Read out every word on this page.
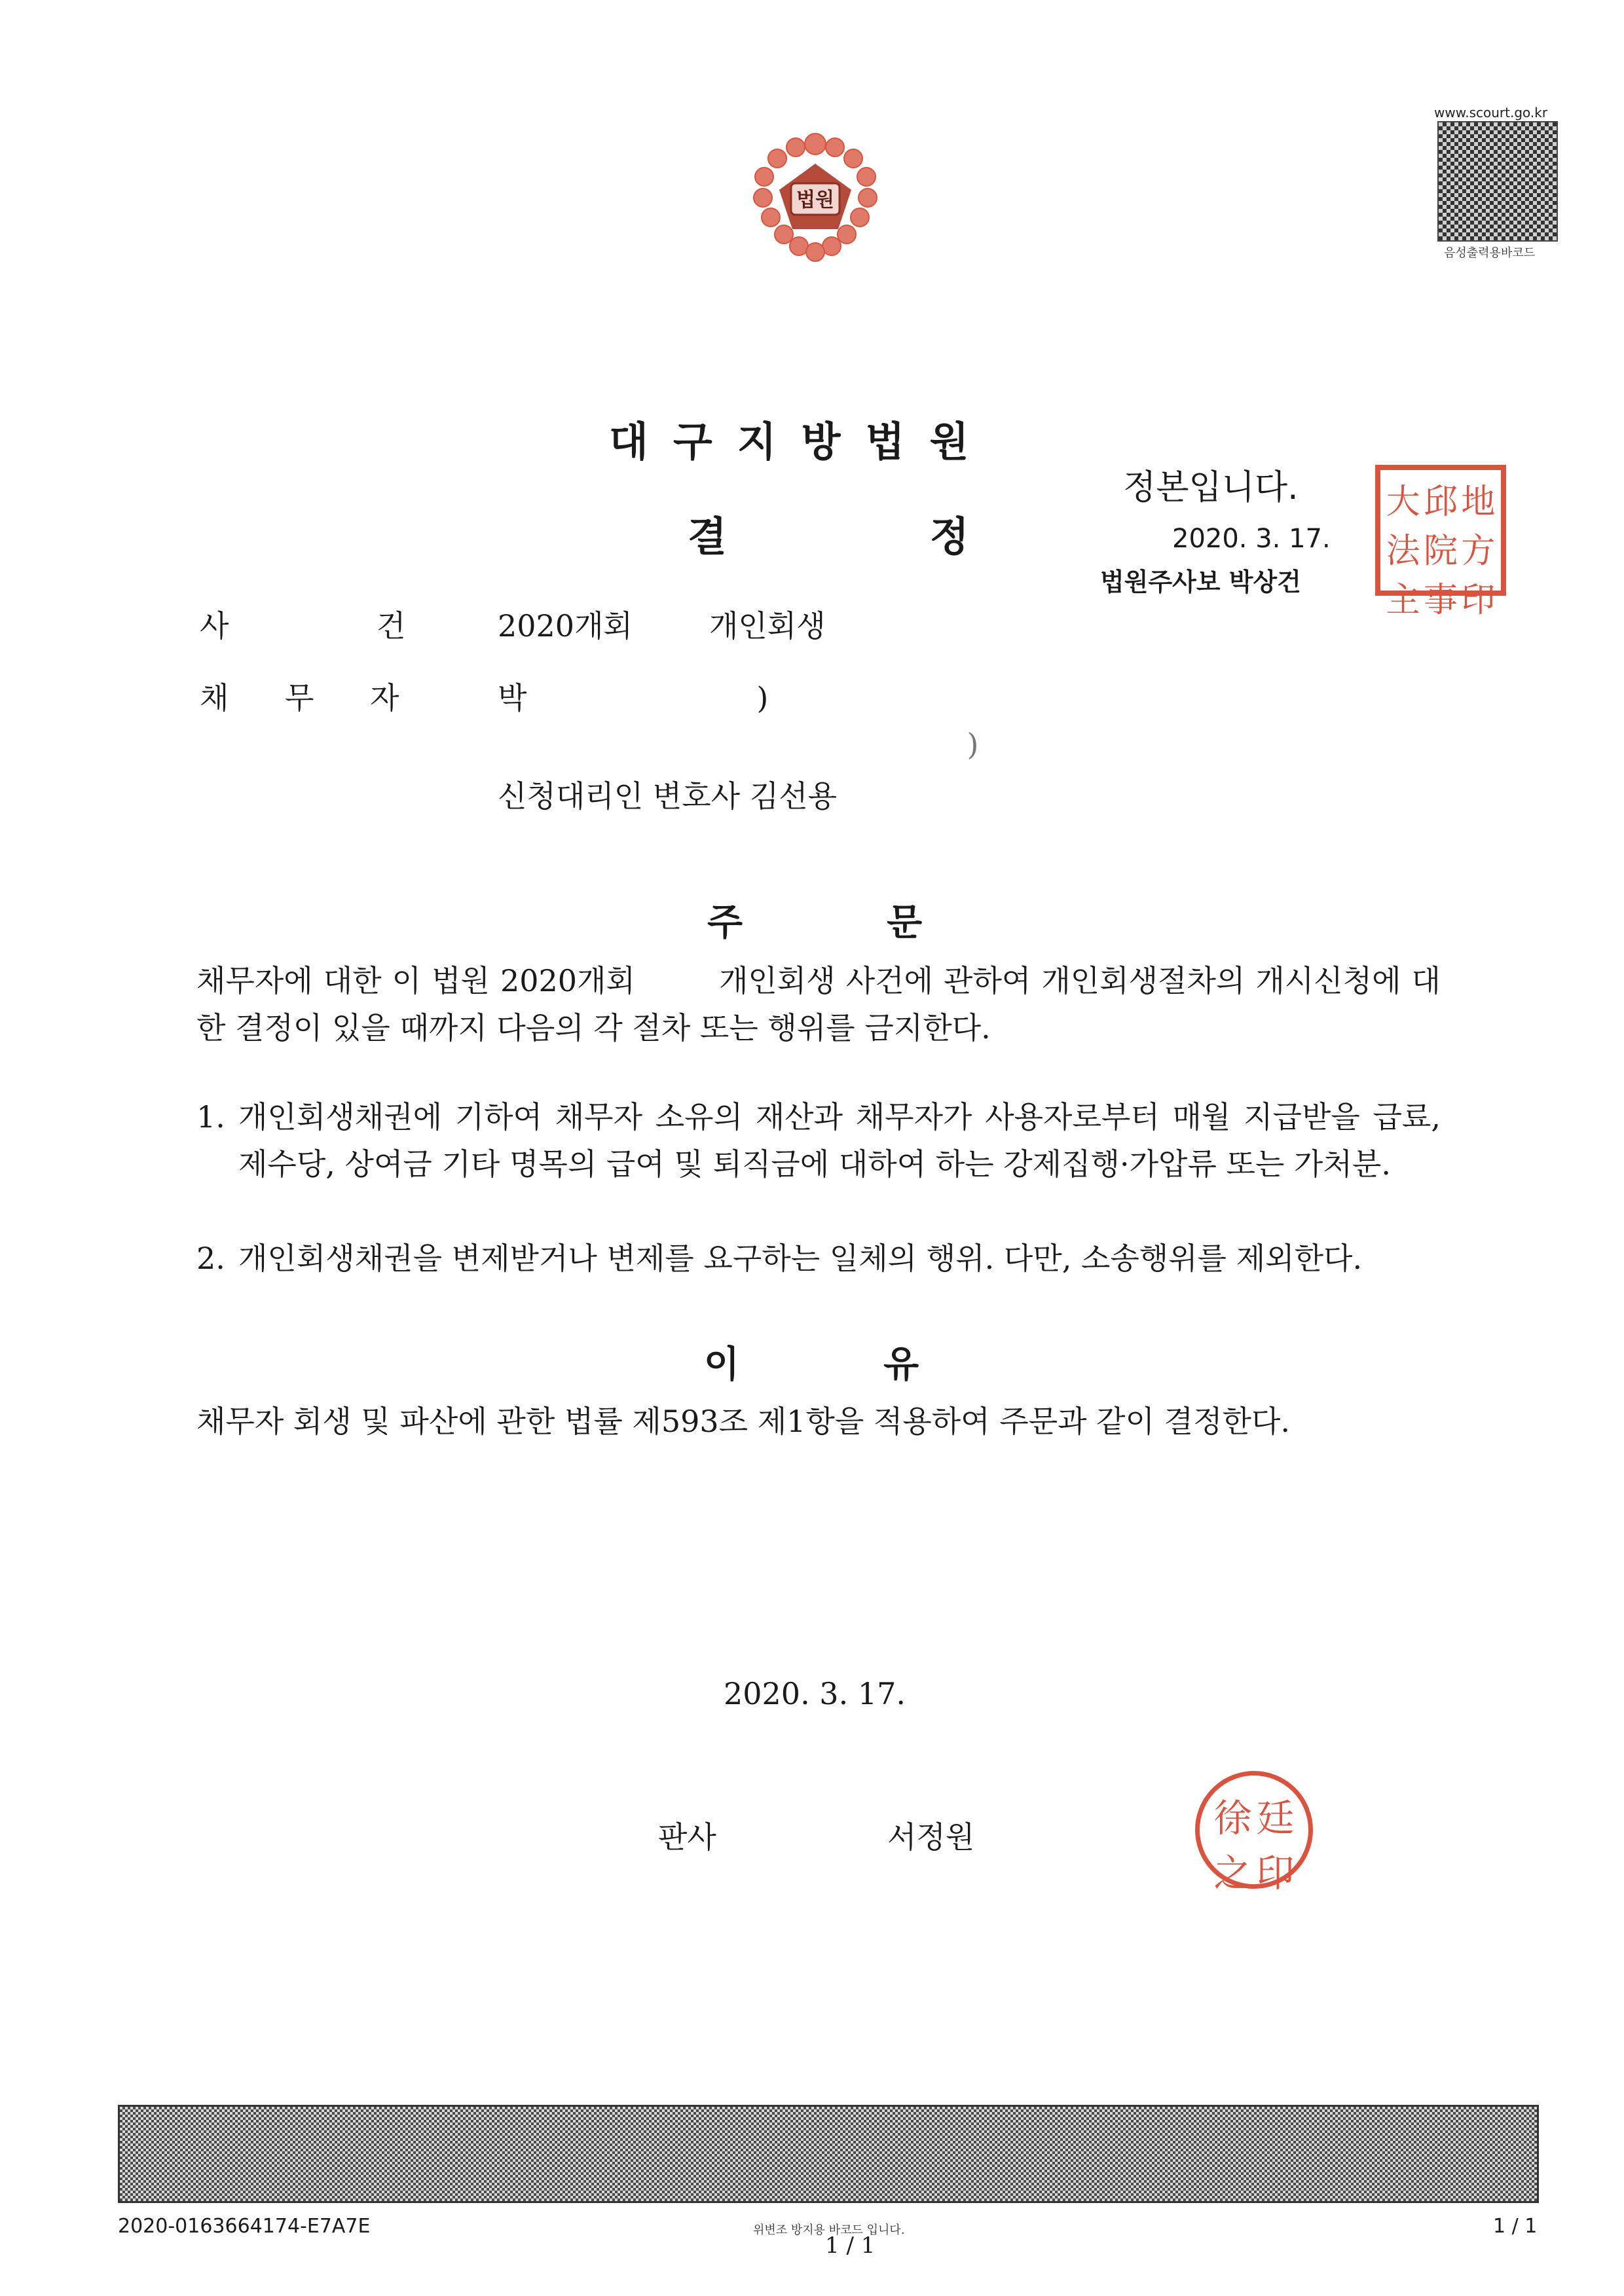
법원
www.scourt.go.kr
음성출력용바코드
대구지방법원
결	정
정본입니다.
2020. 3. 17.
법원주사보 박상건
大 邱 地
法 院 方
主 事 印
사	건	2020개회        개인회생
채 무 자	박                        )
)
신청대리인 변호사 김선용
주	문
채무자에 대한 이 법원 2020개회        개인회생 사건에 관하여 개인회생절차의 개시신청에 대한 결정이 있을 때까지 다음의 각 절차 또는 행위를 금지한다.
1. 개인회생채권에 기하여 채무자 소유의 재산과 채무자가 사용자로부터 매월 지급받을 급료, 제수당, 상여금 기타 명목의 급여 및 퇴직금에 대하여 하는 강제집행·가압류 또는 가처분.
2. 개인회생채권을 변제받거나 변제를 요구하는 일체의 행위. 다만, 소송행위를 제외한다.
이	유
채무자 회생 및 파산에 관한 법률 제593조 제1항을 적용하여 주문과 같이 결정한다.
2020. 3. 17.
판사	서정원	徐 廷
之 印
2020-0163664174-E7A7E	위변조 방지용 바코드 입니다.
1 / 1
1 / 1
